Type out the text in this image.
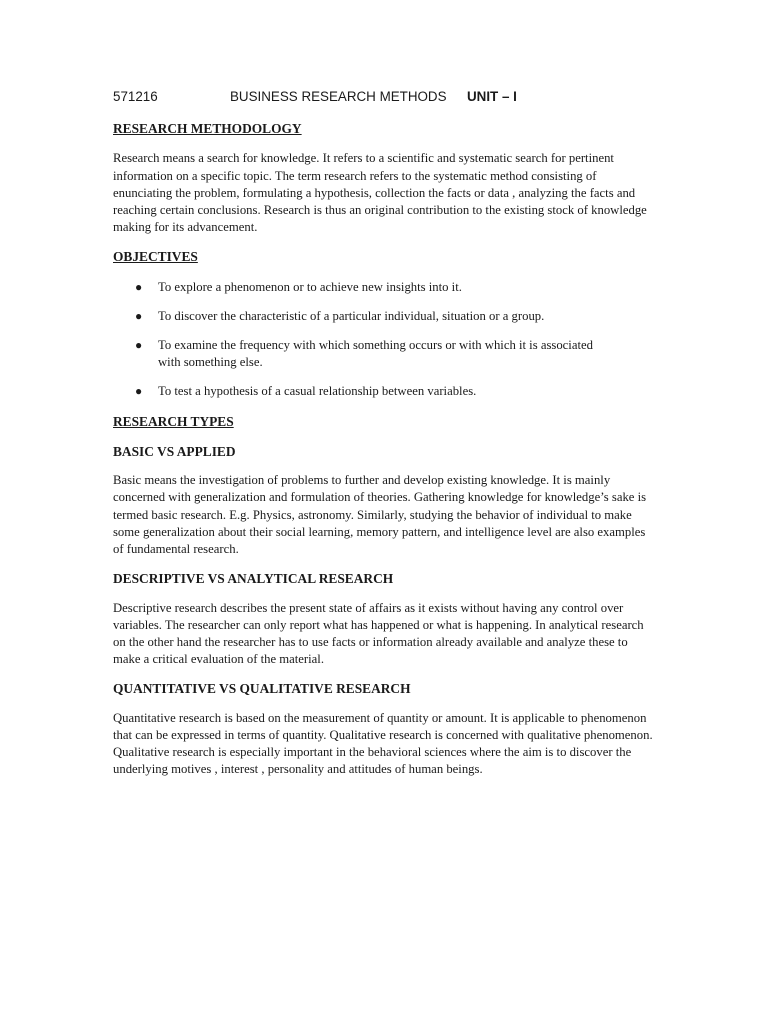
571216	BUSINESS RESEARCH METHODS UNIT – I
RESEARCH METHODOLOGY

Research means a search for knowledge. It refers to a scientific and systematic search for pertinent information on a specific topic. The term research refers to the systematic method consisting of enunciating the problem, formulating a hypothesis, collection the facts or data , analyzing the facts and reaching certain conclusions. Research is thus an original contribution to the existing stock of knowledge making for its advancement.

OBJECTIVES
● To explore a phenomenon or to achieve new insights into it.
● To discover the characteristic of a particular individual, situation or a group.
● To examine the frequency with which something occurs or with which it is associated with something else.
● To test a hypothesis of a casual relationship between variables.
RESEARCH TYPES
BASIC VS APPLIED

Basic means the investigation of problems to further and develop existing knowledge. It is mainly concerned with generalization and formulation of theories. Gathering knowledge for knowledge’s sake is termed basic research. E.g. Physics, astronomy. Similarly, studying the behavior of individual to make some generalization about their social learning, memory pattern, and intelligence level are also examples of fundamental research.

DESCRIPTIVE VS ANALYTICAL RESEARCH

Descriptive research describes the present state of affairs as it exists without having any control over variables. The researcher can only report what has happened or what is happening. In analytical research on the other hand the researcher has to use facts or information already available and analyze these to make a critical evaluation of the material.

QUANTITATIVE VS QUALITATIVE RESEARCH

Quantitative research is based on the measurement of quantity or amount. It is applicable to phenomenon that can be expressed in terms of quantity. Qualitative research is concerned with qualitative phenomenon. Qualitative research is especially important in the behavioral sciences where the aim is to discover the underlying motives , interest , personality and attitudes of human beings.
